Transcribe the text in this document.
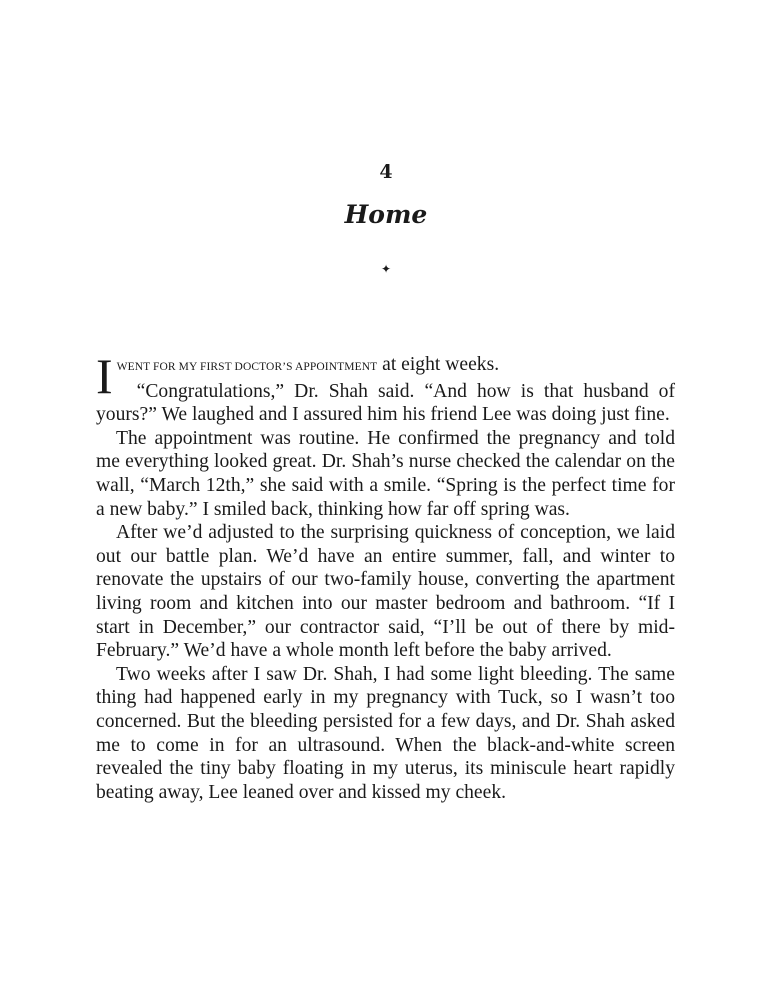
4
Home
✦

IWENT FOR MY FIRST DOCTOR’S APPOINTMENT at eight weeks.

“Congratulations,” Dr. Shah said. “And how is that husband of yours?” We laughed and I assured him his friend Lee was doing just fine.

The appointment was routine. He confirmed the pregnancy and told me everything looked great. Dr. Shah’s nurse checked the calendar on the wall, “March 12th,” she said with a smile. “Spring is the perfect time for a new baby.” I smiled back, thinking how far off spring was.

After we’d adjusted to the surprising quickness of conception, we laid out our battle plan. We’d have an entire summer, fall, and winter to renovate the upstairs of our two-family house, converting the apartment living room and kitchen into our master bedroom and bathroom. “If I start in December,” our contractor said, “I’ll be out of there by mid-February.” We’d have a whole month left before the baby arrived.

Two weeks after I saw Dr. Shah, I had some light bleeding. The same thing had happened early in my pregnancy with Tuck, so I wasn’t too concerned. But the bleeding persisted for a few days, and Dr. Shah asked me to come in for an ultrasound. When the black-and-white screen revealed the tiny baby floating in my uterus, its miniscule heart rapidly beating away, Lee leaned over and kissed my cheek.
